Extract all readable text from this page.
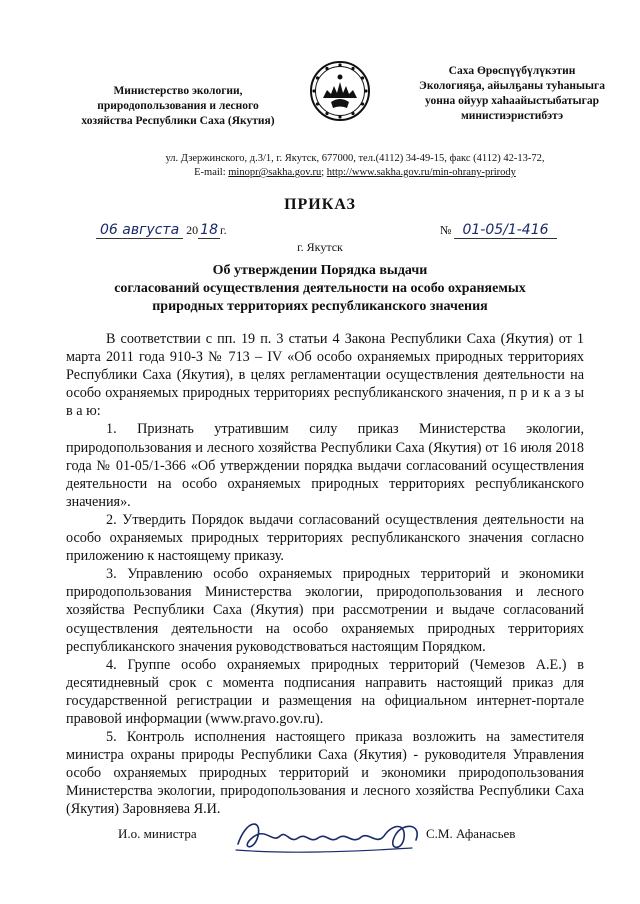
Министерство экологии,
природопользования и лесного
хозяйства Республики Саха (Якутия)
Саха Өрөспүүбүлүкэтин
Экологияҕа, айылҕаны туһаныыга
уонна ойуур хаһаайыстыбатыгар
министиэристибэтэ
ул. Дзержинского, д.3/1, г. Якутск, 677000, тел.(4112) 34-49-15, факс (4112) 42-13-72,
E-mail: minopr@sakha.gov.ru; http://www.sakha.gov.ru/min-ohrany-prirody
ПРИКАЗ
06 августа 20 18 г.	№ 01-05/1-416
г. Якутск
Об утверждении Порядка выдачи
согласований осуществления деятельности на особо охраняемых
природных территориях республиканского значения

В соответствии с пп. 19 п. 3 статьи 4 Закона Республики Саха (Якутия) от 1 марта 2011 года 910-З № 713 – IV «Об особо охраняемых природных территориях Республики Саха (Якутия), в целях регламентации осуществления деятельности на особо охраняемых природных территориях республиканского значения, п р и к а з ы в а ю:

1. Признать утратившим силу приказ Министерства экологии, природопользования и лесного хозяйства Республики Саха (Якутия) от 16 июля 2018 года № 01-05/1-366 «Об утверждении порядка выдачи согласований осуществления деятельности на особо охраняемых природных территориях республиканского значения».

2. Утвердить Порядок выдачи согласований осуществления деятельности на особо охраняемых природных территориях республиканского значения согласно приложению к настоящему приказу.

3. Управлению особо охраняемых природных территорий и экономики природопользования Министерства экологии, природопользования и лесного хозяйства Республики Саха (Якутия) при рассмотрении и выдаче согласований осуществления деятельности на особо охраняемых природных территориях республиканского значения руководствоваться настоящим Порядком.

4. Группе особо охраняемых природных территорий (Чемезов А.Е.) в десятидневный срок с момента подписания направить настоящий приказ для государственной регистрации и размещения на официальном интернет-портале правовой информации (www.pravo.gov.ru).

5. Контроль исполнения настоящего приказа возложить на заместителя министра охраны природы Республики Саха (Якутия) - руководителя Управления особо охраняемых природных территорий и экономики природопользования Министерства экологии, природопользования и лесного хозяйства Республики Саха (Якутия) Заровняева Я.И.

И.о. министра	С.М. Афанасьев
